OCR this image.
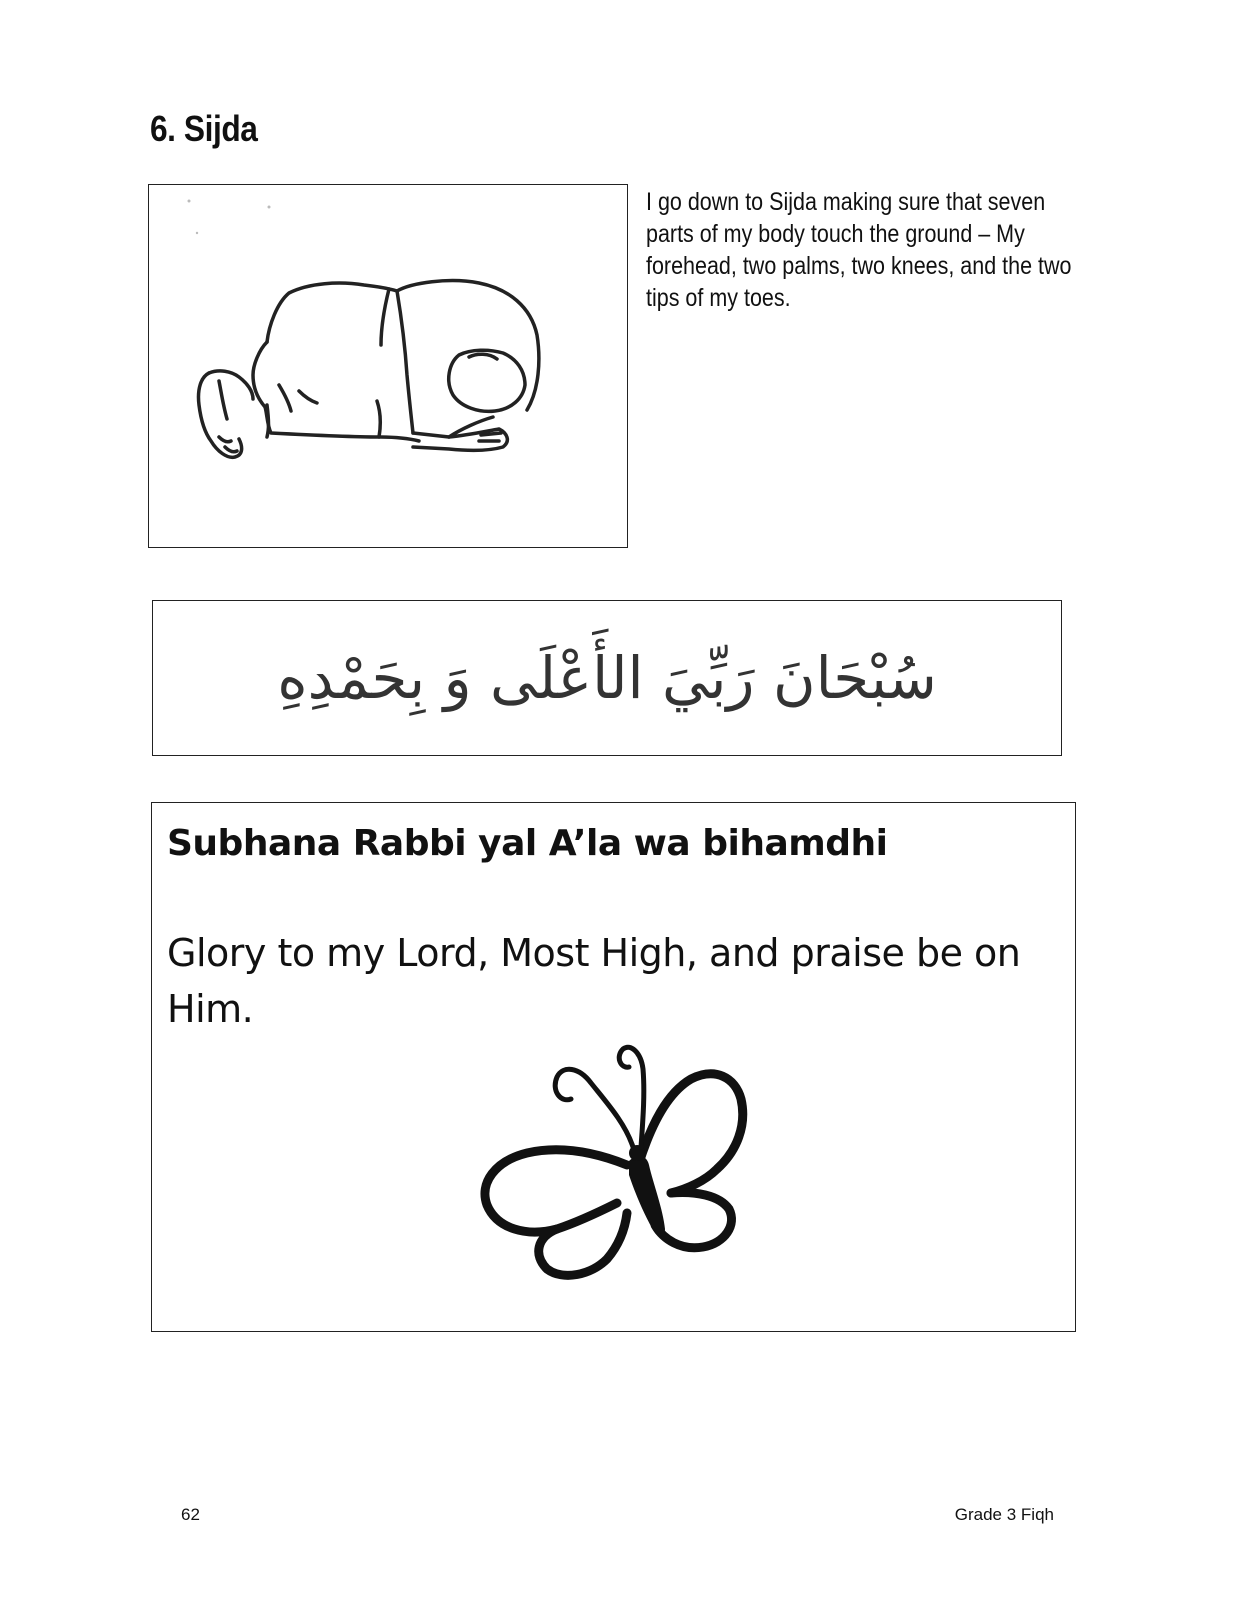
6. Sijda

I go down to Sijda making sure that seven parts of my body touch the ground – My forehead, two palms, two knees, and the two tips of my toes.

سُبْحَانَ رَبِّيَ الأَعْلَى وَ بِحَمْدِهِ

Subhana Rabbi yal A’la wa bihamdhi

Glory to my Lord, Most High, and praise be on Him.

62	Grade 3 Fiqh
